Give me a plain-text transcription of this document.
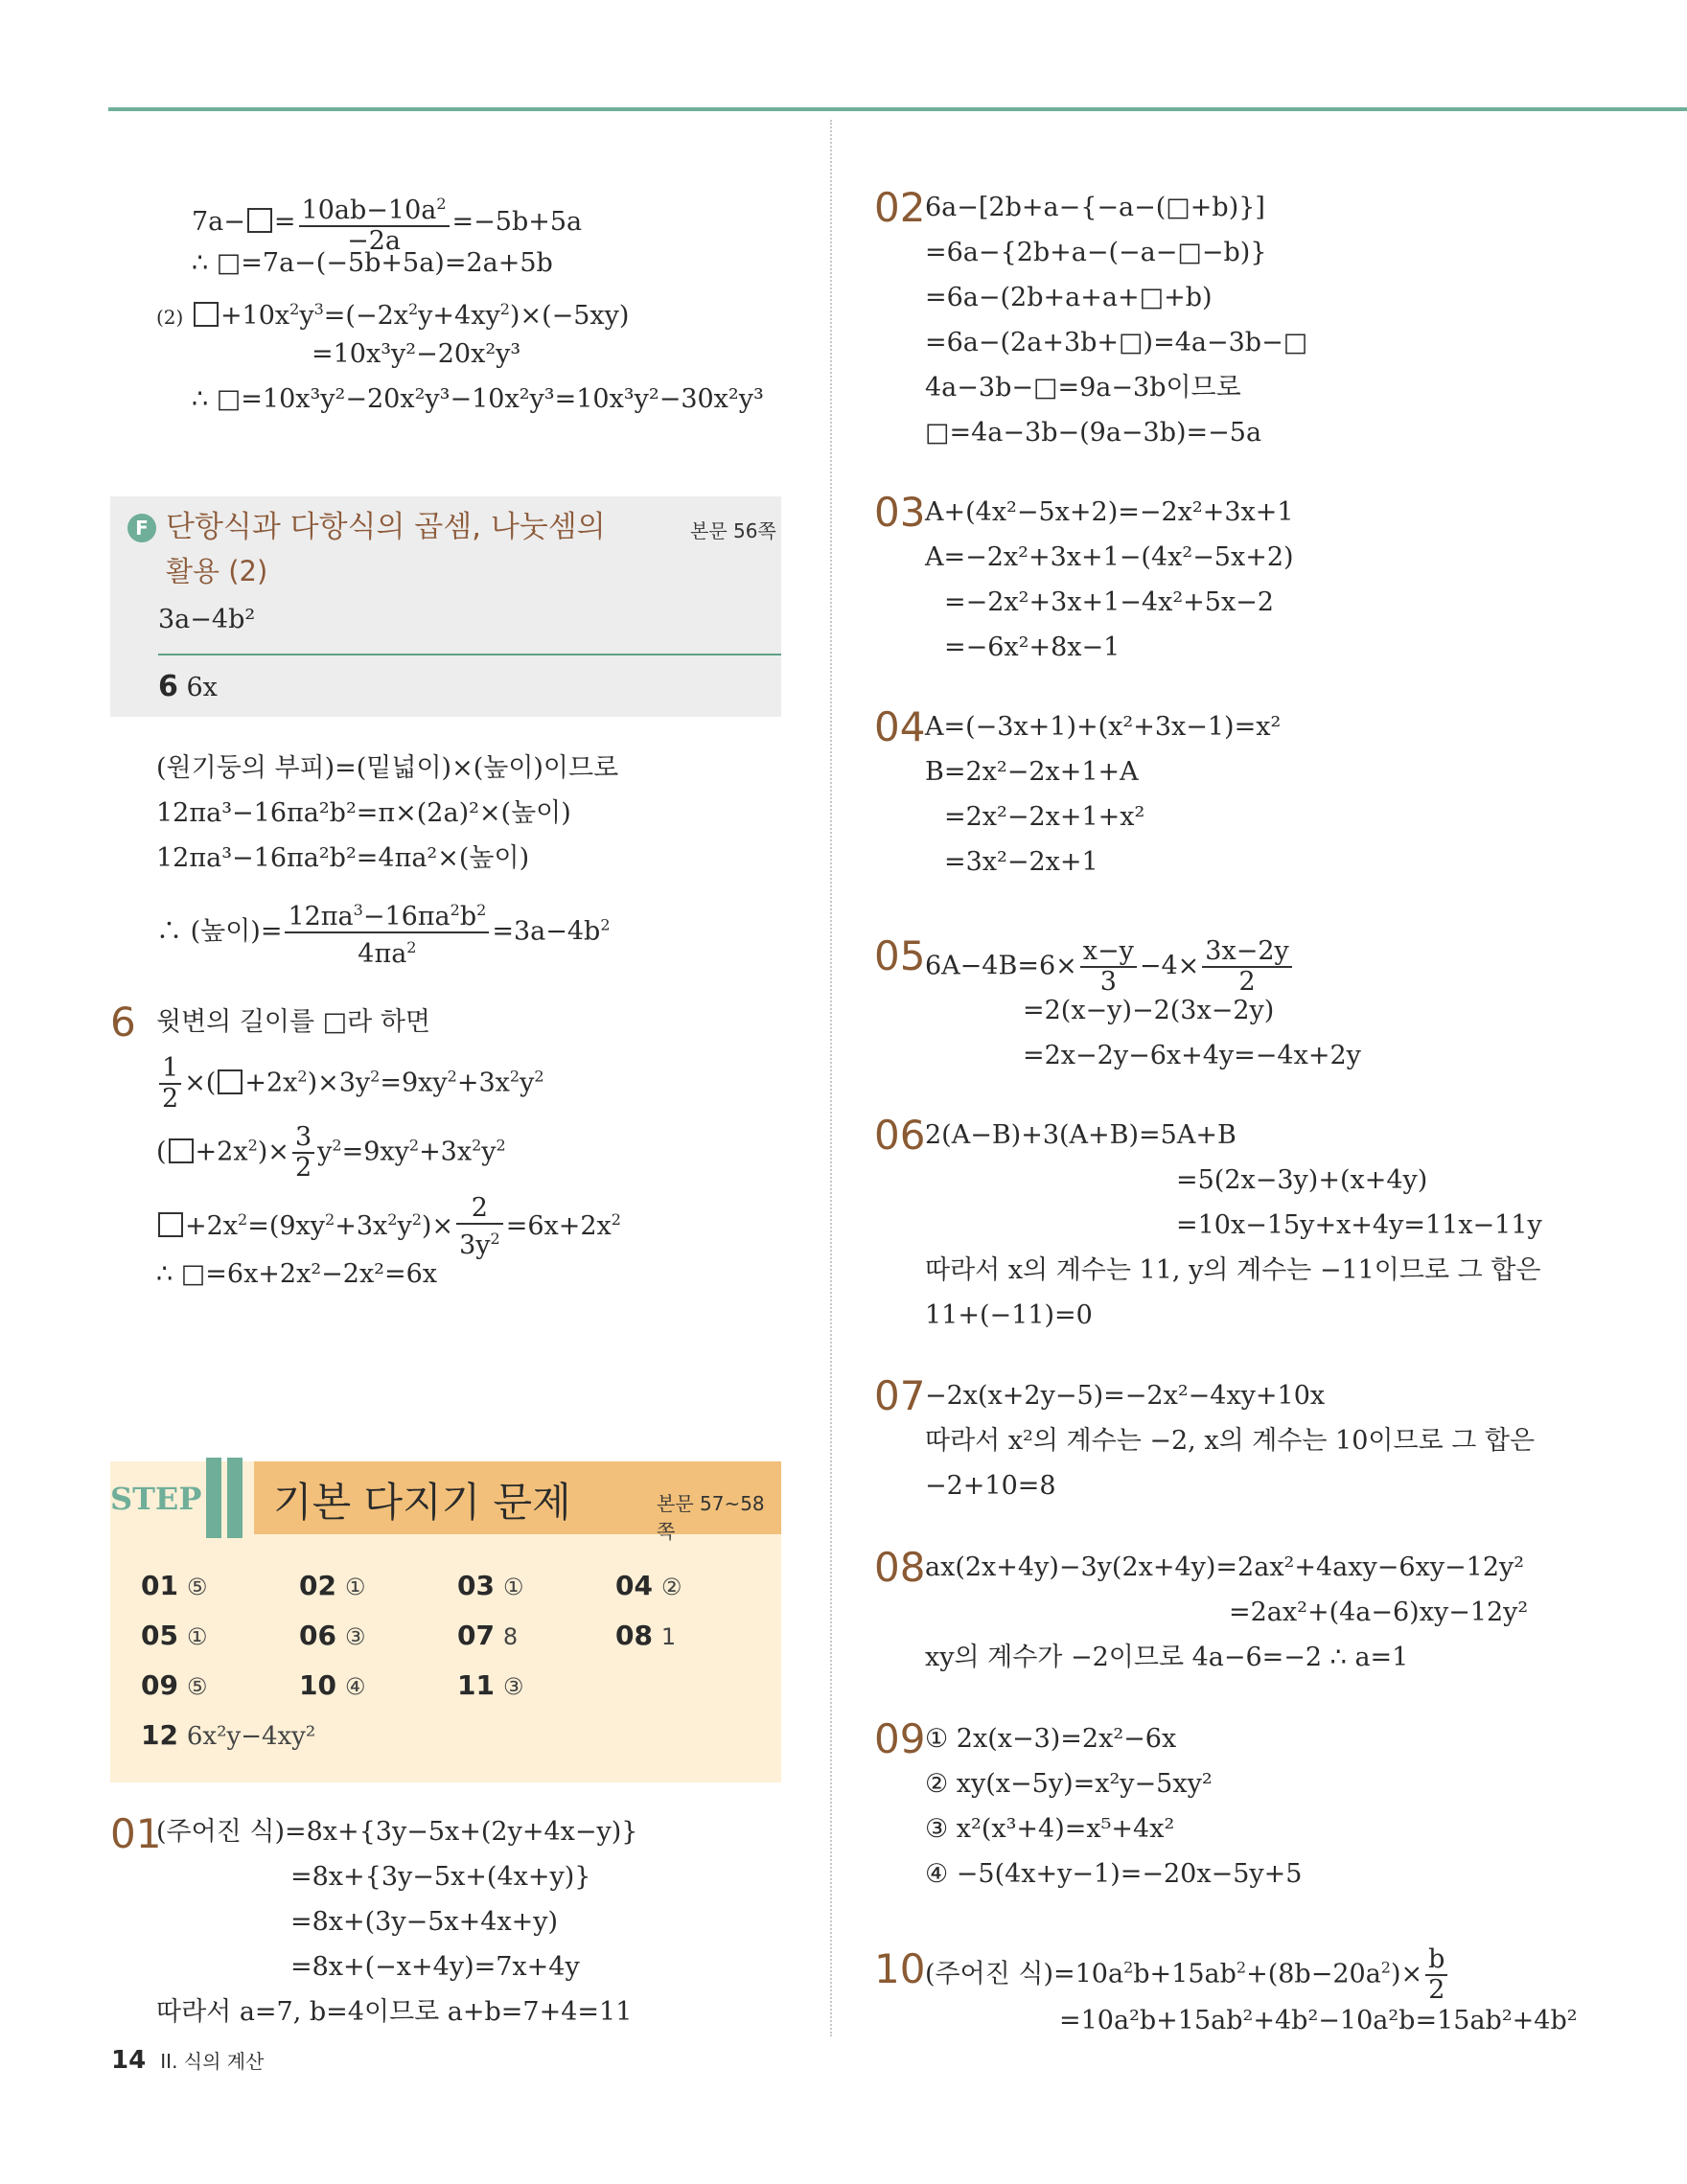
$7a- = \frac{10ab-10a^2}{-2a} =-5b+5a$
∴ □=7a−(−5b+5a)=2a+5b
$(2) +10x^2y^3=(-2x^2y+4xy^2)\times(-5xy)$
=10x³y²−20x²y³
∴ □=10x³y²−20x²y³−10x²y³=10x³y²−30x²y³
F 단항식과 다항식의 곱셈, 나눗셈의
활용 (2)
본문 56쪽
3a−4b²
6 6x
(원기둥의 부피)=(밑넓이)×(높이)이므로
12πa³−16πa²b²=π×(2a)²×(높이)
12πa³−16πa²b²=4πa²×(높이)
∴ (높이)= $\frac{12\pi a^3-16\pi a^2b^2}{4\pi a^2} =3a-4b^2$
6 윗변의 길이를 □라 하면
$\frac{1}{2}$ ×( $+2x^2)\times 3y^2=9xy^2+3x^2y^2$
( $+2x^2)\times \frac{3}{2} y^2=9xy^2+3x^2y^2$
$+2x^2=(9xy^2+3x^2y^2)\times \frac{2}{3y^2} =6x+2x^2$
∴ □=6x+2x²−2x²=6x
STEP 기본 다지기 문제	본문 57~58쪽
01 ⑤	02 ①	03 ①	04 ②
05 ①	06 ③	07 8	08 1
09 ⑤	10 ④	11 ③
12 6x²y−4xy²
01
(주어진 식)=8x+{3y−5x+(2y+4x−y)}
=8x+{3y−5x+(4x+y)}
=8x+(3y−5x+4x+y)
=8x+(−x+4y)=7x+4y
따라서 a=7, b=4이므로 a+b=7+4=11
02 6a−[2b+a−{−a−(□+b)}]
=6a−{2b+a−(−a−□−b)}
=6a−(2b+a+a+□+b)
=6a−(2a+3b+□)=4a−3b−□
4a−3b−□=9a−3b이므로
□=4a−3b−(9a−3b)=−5a
03 A+(4x²−5x+2)=−2x²+3x+1
A=−2x²+3x+1−(4x²−5x+2)
=−2x²+3x+1−4x²+5x−2
=−6x²+8x−1
04 A=(−3x+1)+(x²+3x−1)=x²
B=2x²−2x+1+A
=2x²−2x+1+x²
=3x²−2x+1
05 $6A-4B=6\times \frac{x-y}{3} -4\times \frac{3x-2y}{2}$
=2(x−y)−2(3x−2y)
=2x−2y−6x+4y=−4x+2y
06 2(A−B)+3(A+B)=5A+B
=5(2x−3y)+(x+4y)
=10x−15y+x+4y=11x−11y
따라서 x의 계수는 11, y의 계수는 −11이므로 그 합은
11+(−11)=0
07 −2x(x+2y−5)=−2x²−4xy+10x
따라서 x²의 계수는 −2, x의 계수는 10이므로 그 합은
−2+10=8
08 ax(2x+4y)−3y(2x+4y)=2ax²+4axy−6xy−12y²
=2ax²+(4a−6)xy−12y²
xy의 계수가 −2이므로 4a−6=−2 ∴ a=1
09 ① 2x(x−3)=2x²−6x
② xy(x−5y)=x²y−5xy²
③ x²(x³+4)=x⁵+4x²
④ −5(4x+y−1)=−20x−5y+5
10 (주어진 식)$=10a^2b+15ab^2+(8b-20a^2)\times \frac{b}{2}$
=10a²b+15ab²+4b²−10a²b=15ab²+4b²
14 II. 식의 계산
